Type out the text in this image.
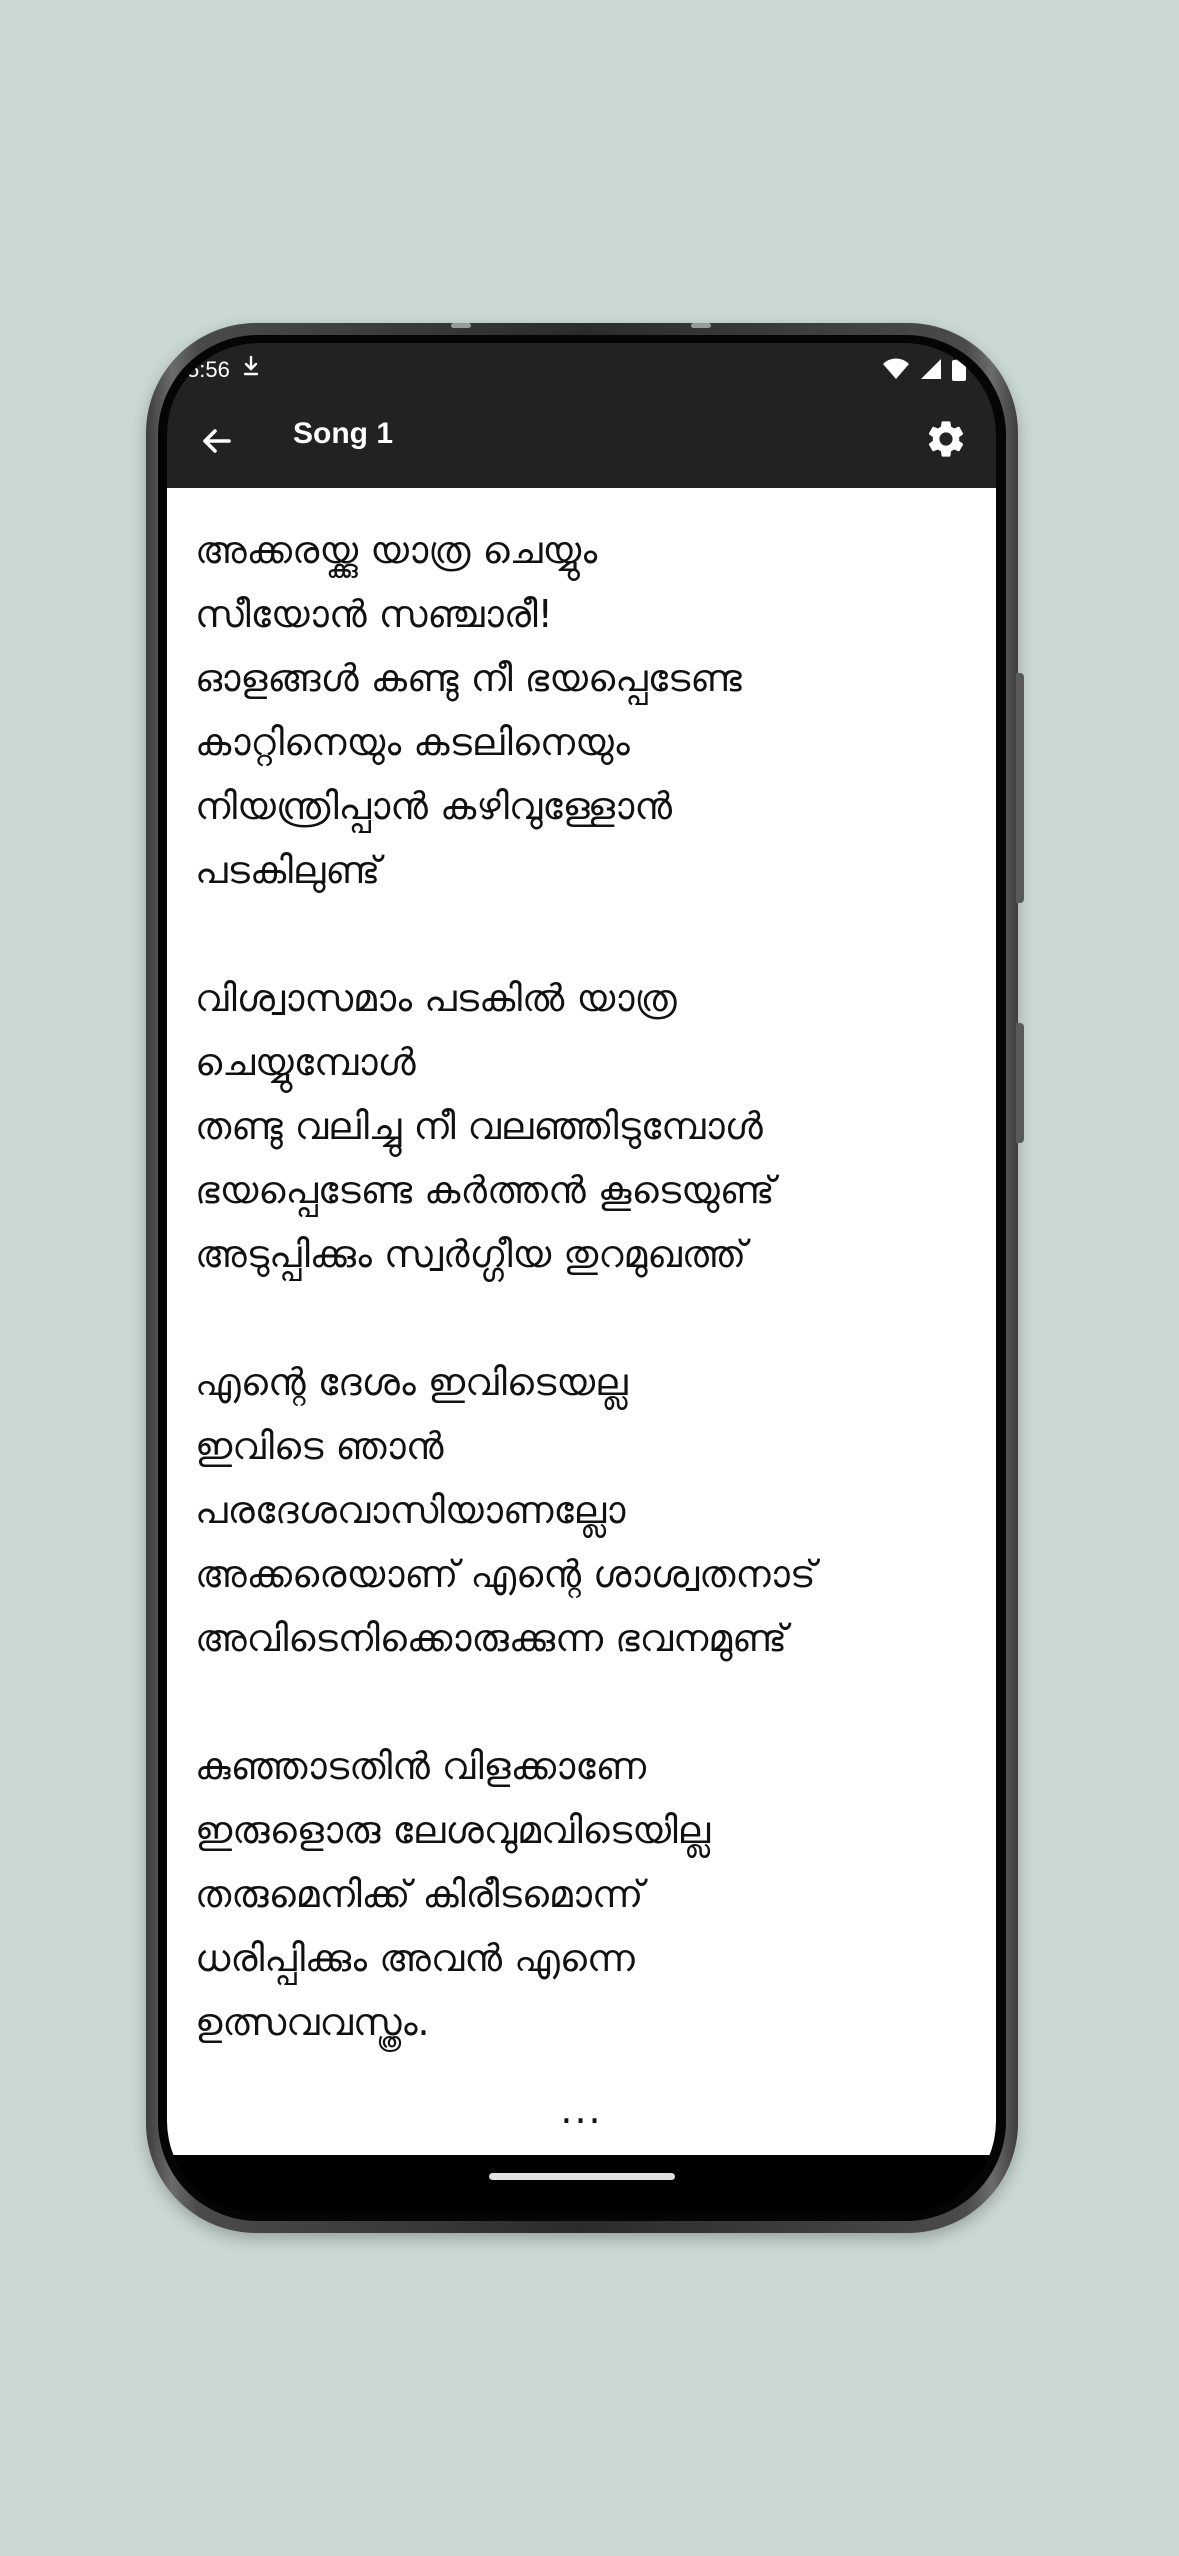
5:56
Song 1

അക്കരയ്ക്കു യാത്ര ചെയ്യും
സീയോൻ സഞ്ചാരീ!
ഓളങ്ങൾ കണ്ടു നീ ഭയപ്പെടേണ്ട
കാറ്റിനെയും കടലിനെയും
നിയന്ത്രിപ്പാൻ കഴിവുള്ളോൻ
പടകിലുണ്ട്

വിശ്വാസമാം പടകിൽ യാത്ര
ചെയ്യുമ്പോൾ
തണ്ടു വലിച്ചു നീ വലഞ്ഞിടുമ്പോൾ
ഭയപ്പെടേണ്ട കർത്തൻ കൂടെയുണ്ട്
അടുപ്പിക്കും സ്വർഗ്ഗീയ തുറമുഖത്ത്

എന്റെ ദേശം ഇവിടെയല്ല
ഇവിടെ ഞാൻ
പരദേശവാസിയാണല്ലോ
അക്കരെയാണ് എന്റെ ശാശ്വതനാട്
അവിടെനിക്കൊരുക്കുന്ന ഭവനമുണ്ട്

കുഞ്ഞാടതിൻ വിളക്കാണേ
ഇരുളൊരു ലേശവുമവിടെയില്ല
തരുമെനിക്ക് കിരീടമൊന്ന്
ധരിപ്പിക്കും അവൻ എന്നെ
ഉത്സവവസ്ത്രം.

...
